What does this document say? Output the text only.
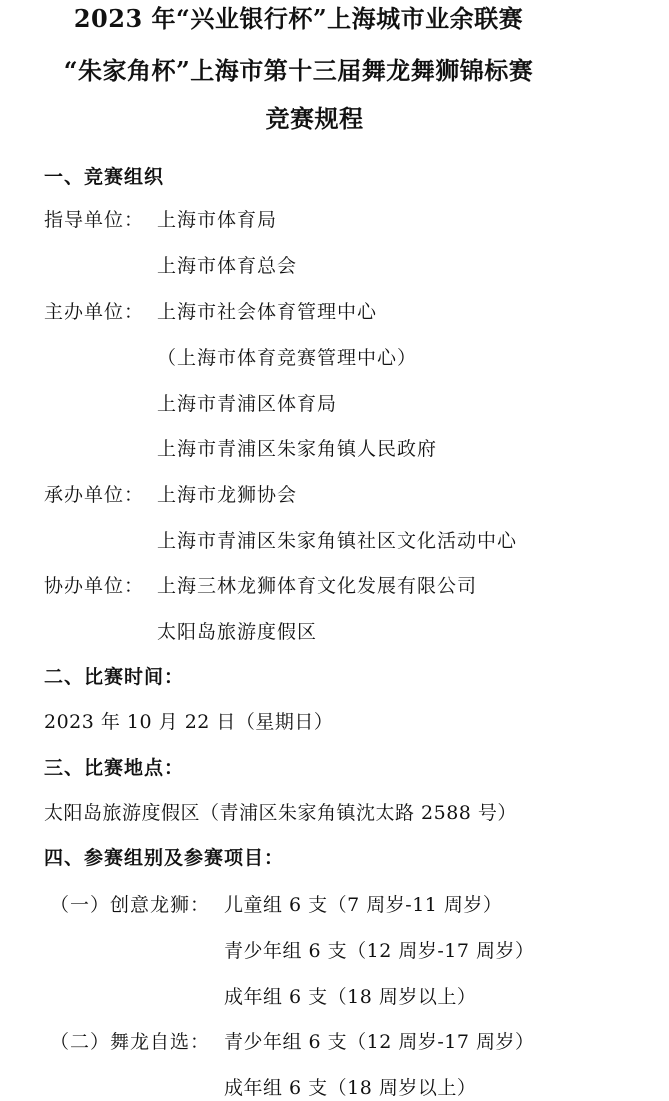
2023 年“兴业银行杯”上海城市业余联赛
“朱家角杯”上海市第十三届舞龙舞狮锦标赛
竞赛规程
一、竞赛组织
指导单位： 上海市体育局
上海市体育总会
主办单位： 上海市社会体育管理中心
（上海市体育竞赛管理中心）
上海市青浦区体育局
上海市青浦区朱家角镇人民政府
承办单位： 上海市龙狮协会
上海市青浦区朱家角镇社区文化活动中心
协办单位： 上海三林龙狮体育文化发展有限公司
太阳岛旅游度假区
二、比赛时间：
2023 年 10 月 22 日（星期日）
三、比赛地点：
太阳岛旅游度假区（青浦区朱家角镇沈太路 2588 号）
四、参赛组别及参赛项目：
（一）创意龙狮： 儿童组 6 支（7 周岁-11 周岁）
青少年组 6 支（12 周岁-17 周岁）
成年组 6 支（18 周岁以上）
（二）舞龙自选： 青少年组 6 支（12 周岁-17 周岁）
成年组 6 支（18 周岁以上）
